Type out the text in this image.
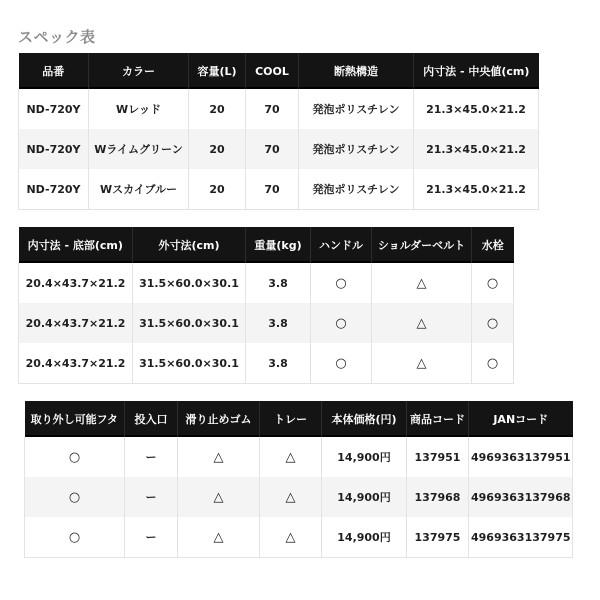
スペック表
品番	カラー	容量(L)	COOL	断熱構造	内寸法 - 中央値(cm)
ND-720Y	Wレッド	20	70	発泡ポリスチレン	21.3×45.0×21.2
ND-720Y	Wライムグリーン	20	70	発泡ポリスチレン	21.3×45.0×21.2
ND-720Y	Wスカイブルー	20	70	発泡ポリスチレン	21.3×45.0×21.2
内寸法 - 底部(cm)	外寸法(cm)	重量(kg)	ハンドル	ショルダーベルト	水栓
20.4×43.7×21.2	31.5×60.0×30.1	3.8	○	△	○
20.4×43.7×21.2	31.5×60.0×30.1	3.8	○	△	○
20.4×43.7×21.2	31.5×60.0×30.1	3.8	○	△	○
取り外し可能フタ	投入口	滑り止めゴム	トレー	本体価格(円)	商品コード	JANコード
○	ー	△	△	14,900円	137951	4969363137951
○	ー	△	△	14,900円	137968	4969363137968
○	ー	△	△	14,900円	137975	4969363137975
